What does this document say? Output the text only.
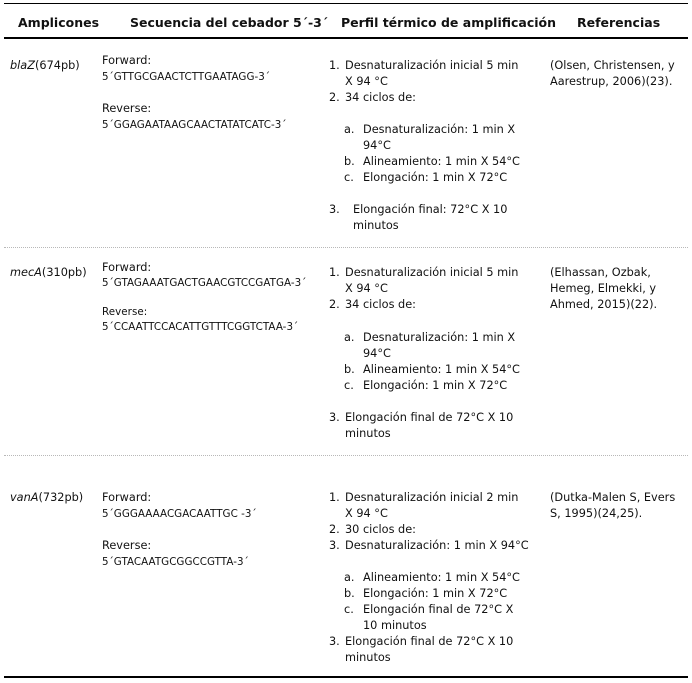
Amplicones Secuencia del cebador 5´-3´ Perfil térmico de amplificación Referencias
blaZ(674pb) Forward:
5´GTTGCGAACTCTTGAATAGG-3´
Reverse:
5´GGAGAATAAGCAACTATATCATC-3´
1. Desnaturalización inicial 5 min
X 94 °C
2. 34 ciclos de:
a. Desnaturalización: 1 min X
94°C
b. Alineamiento: 1 min X 54°C
c. Elongación: 1 min X 72°C
3. Elongación final: 72°C X 10
minutos
(Olsen, Christensen, y Aarestrup, 2006)(23).
mecA(310pb) Forward:
5´GTAGAAATGACTGAACGTCCGATGA-3´
Reverse:
5´CCAATTCCACATTGTTTCGGTCTAA-3´
1. Desnaturalización inicial 5 min
X 94 °C
2. 34 ciclos de:
a. Desnaturalización: 1 min X
94°C
b. Alineamiento: 1 min X 54°C
c. Elongación: 1 min X 72°C
3. Elongación final de 72°C X 10
minutos
(Elhassan, Ozbak, Hemeg, Elmekki, y Ahmed, 2015)(22).
vanA(732pb) Forward:
5´GGGAAAACGACAATTGC -3´
Reverse:
5´GTACAATGCGGCCGTTA-3´
1. Desnaturalización inicial 2 min
X 94 °C
2. 30 ciclos de:
3. Desnaturalización: 1 min X 94°C
a. Alineamiento: 1 min X 54°C
b. Elongación: 1 min X 72°C
c. Elongación final de 72°C X
10 minutos
3. Elongación final de 72°C X 10
minutos
(Dutka-Malen S, Evers S, 1995)(24,25).
